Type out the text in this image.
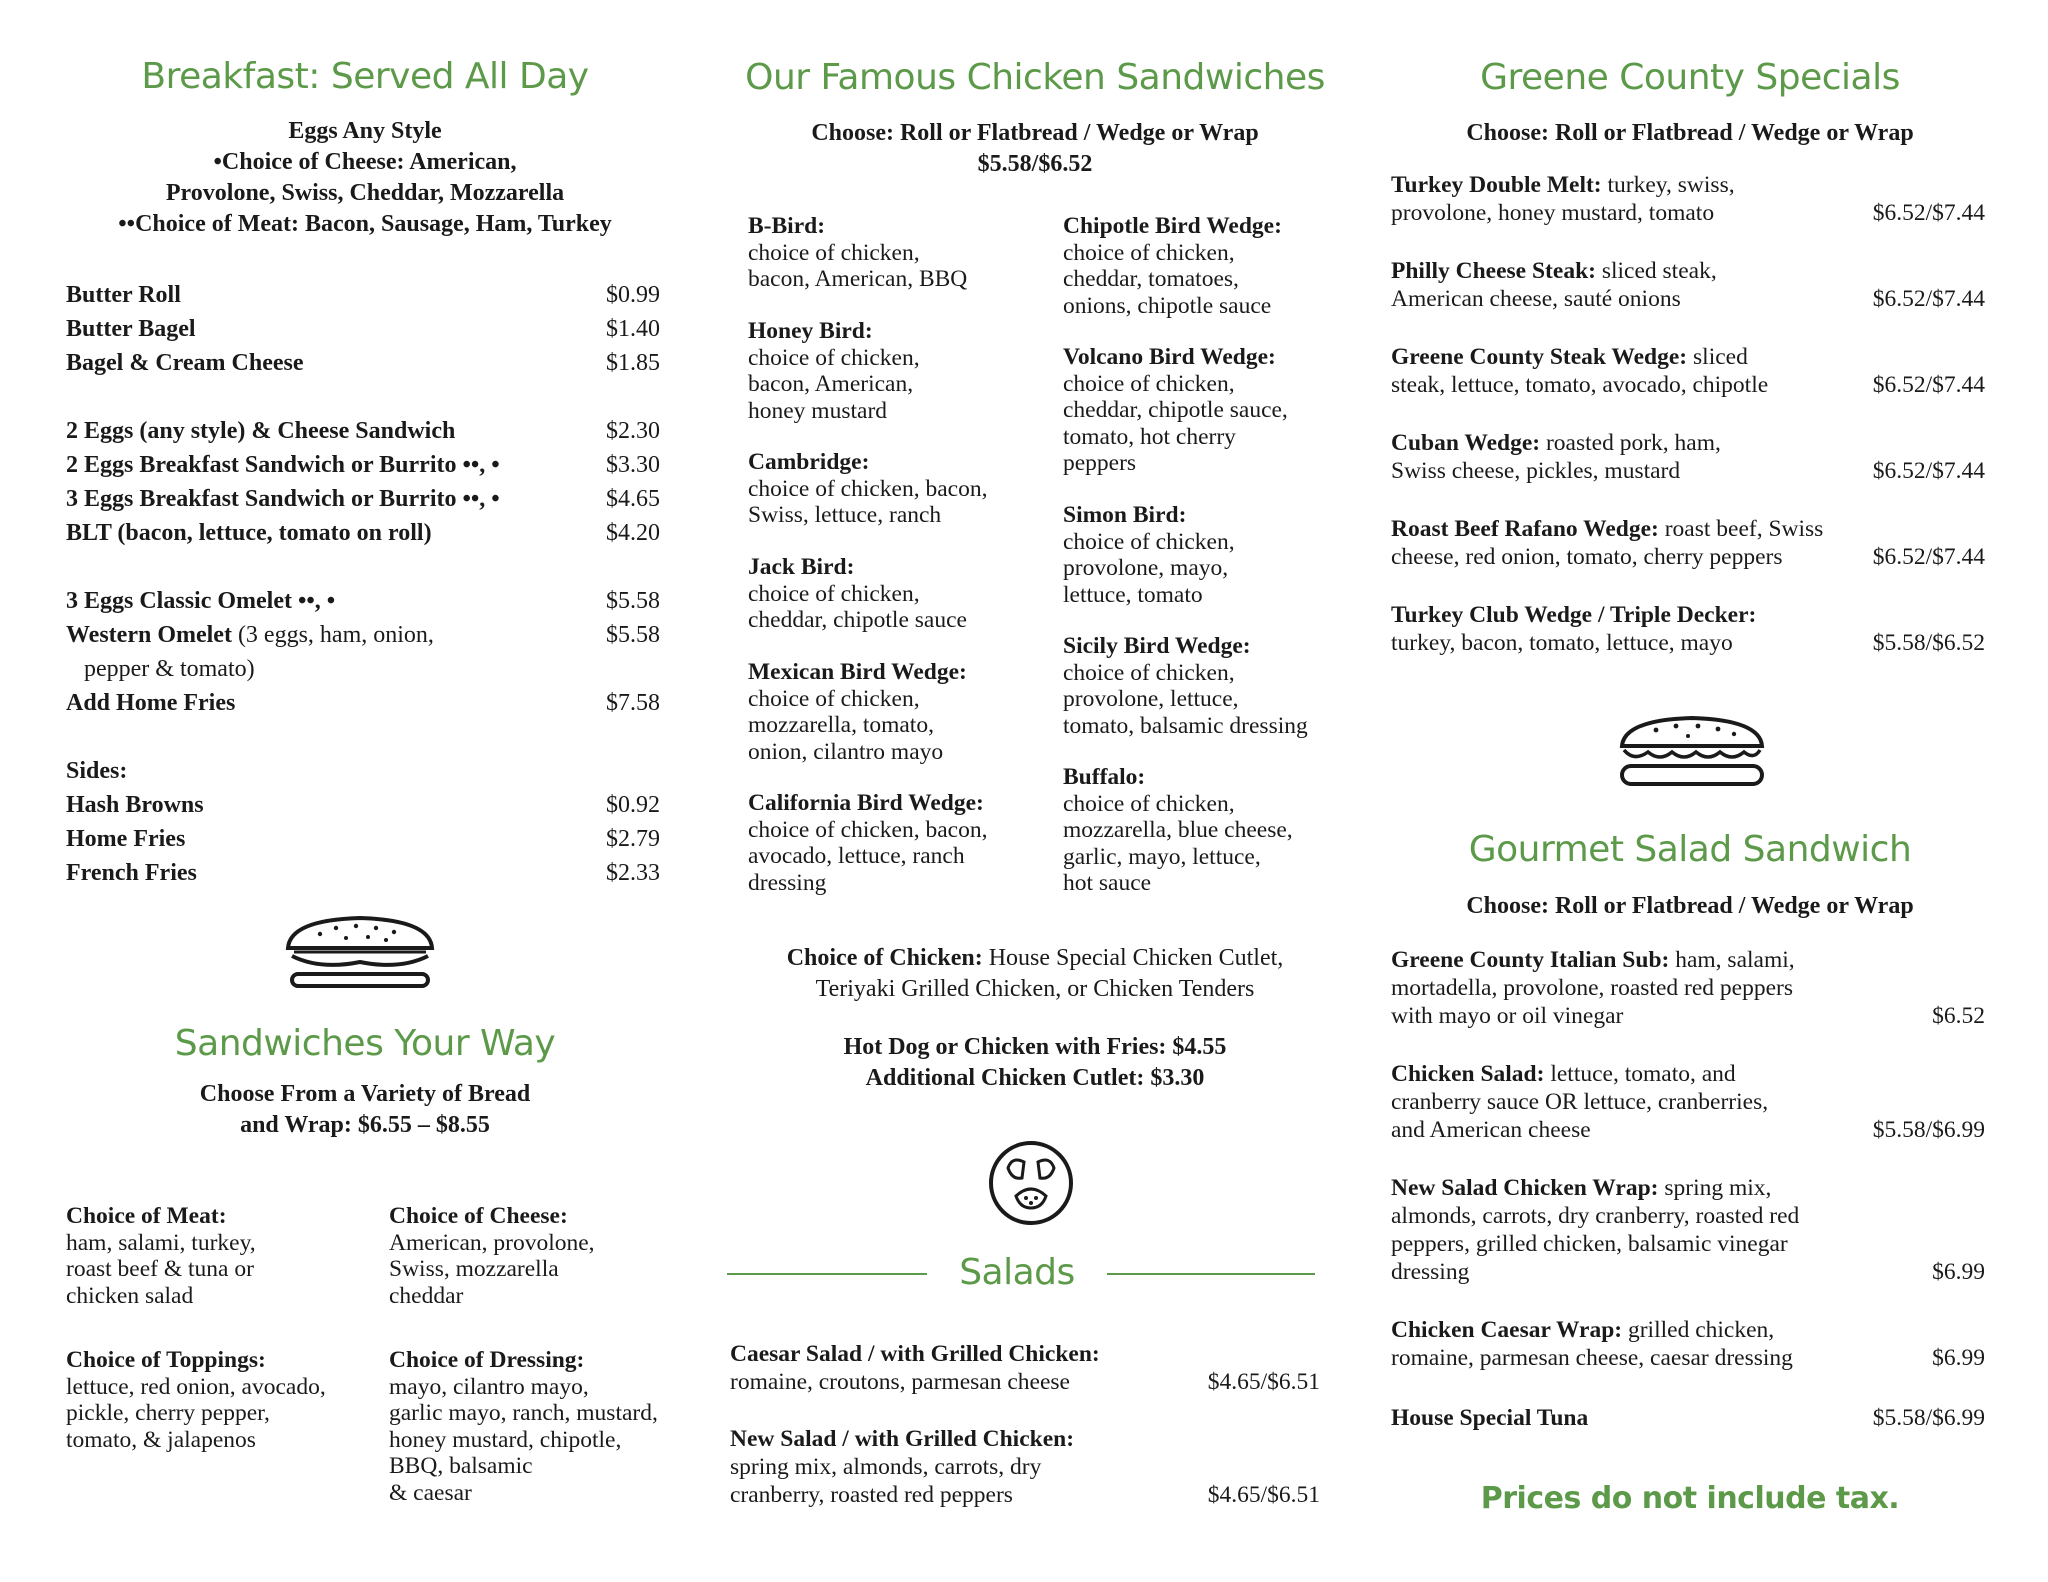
Breakfast: Served All Day
Eggs Any Style
•Choice of Cheese: American,
Provolone, Swiss, Cheddar, Mozzarella
••Choice of Meat: Bacon, Sausage, Ham, Turkey
Butter Roll	$0.99
Butter Bagel	$1.40
Bagel & Cream Cheese	$1.85
2 Eggs (any style) & Cheese Sandwich	$2.30
2 Eggs Breakfast Sandwich or Burrito ••, •	$3.30
3 Eggs Breakfast Sandwich or Burrito ••, •	$4.65
BLT (bacon, lettuce, tomato on roll)	$4.20
3 Eggs Classic Omelet ••, •	$5.58
Western Omelet (3 eggs, ham, onion,	$5.58
pepper & tomato)
Add Home Fries	$7.58
Sides:
Hash Browns	$0.92
Home Fries	$2.79
French Fries	$2.33
Sandwiches Your Way
Choose From a Variety of Bread
and Wrap: $6.55 – $8.55
Choice of Meat:
ham, salami, turkey,
roast beef & tuna or
chicken salad
Choice of Cheese:
American, provolone,
Swiss, mozzarella
cheddar
Choice of Toppings:
lettuce, red onion, avocado,
pickle, cherry pepper,
tomato, & jalapenos
Choice of Dressing:
mayo, cilantro mayo,
garlic mayo, ranch, mustard,
honey mustard, chipotle,
BBQ, balsamic
& caesar
Our Famous Chicken Sandwiches
Choose: Roll or Flatbread / Wedge or Wrap
$5.58/$6.52
B-Bird:
choice of chicken,
bacon, American, BBQ
Honey Bird:
choice of chicken,
bacon, American,
honey mustard
Cambridge:
choice of chicken, bacon,
Swiss, lettuce, ranch
Jack Bird:
choice of chicken,
cheddar, chipotle sauce
Mexican Bird Wedge:
choice of chicken,
mozzarella, tomato,
onion, cilantro mayo
California Bird Wedge:
choice of chicken, bacon,
avocado, lettuce, ranch
dressing
Chipotle Bird Wedge:
choice of chicken,
cheddar, tomatoes,
onions, chipotle sauce
Volcano Bird Wedge:
choice of chicken,
cheddar, chipotle sauce,
tomato, hot cherry
peppers
Simon Bird:
choice of chicken,
provolone, mayo,
lettuce, tomato
Sicily Bird Wedge:
choice of chicken,
provolone, lettuce,
tomato, balsamic dressing
Buffalo:
choice of chicken,
mozzarella, blue cheese,
garlic, mayo, lettuce,
hot sauce
Choice of Chicken: House Special Chicken Cutlet,
Teriyaki Grilled Chicken, or Chicken Tenders
Hot Dog or Chicken with Fries: $4.55
Additional Chicken Cutlet: $3.30
Salads
Caesar Salad / with Grilled Chicken:
romaine, croutons, parmesan cheese	$4.65/$6.51
New Salad / with Grilled Chicken:
spring mix, almonds, carrots, dry
cranberry, roasted red peppers	$4.65/$6.51
Greene County Specials
Choose: Roll or Flatbread / Wedge or Wrap
Turkey Double Melt: turkey, swiss,
provolone, honey mustard, tomato	$6.52/$7.44
Philly Cheese Steak: sliced steak,
American cheese, sauté onions	$6.52/$7.44
Greene County Steak Wedge: sliced
steak, lettuce, tomato, avocado, chipotle	$6.52/$7.44
Cuban Wedge: roasted pork, ham,
Swiss cheese, pickles, mustard	$6.52/$7.44
Roast Beef Rafano Wedge: roast beef, Swiss
cheese, red onion, tomato, cherry peppers	$6.52/$7.44
Turkey Club Wedge / Triple Decker:
turkey, bacon, tomato, lettuce, mayo	$5.58/$6.52
Gourmet Salad Sandwich
Choose: Roll or Flatbread / Wedge or Wrap
Greene County Italian Sub: ham, salami,
mortadella, provolone, roasted red peppers
with mayo or oil vinegar	$6.52
Chicken Salad: lettuce, tomato, and
cranberry sauce OR lettuce, cranberries,
and American cheese	$5.58/$6.99
New Salad Chicken Wrap: spring mix,
almonds, carrots, dry cranberry, roasted red
peppers, grilled chicken, balsamic vinegar
dressing	$6.99
Chicken Caesar Wrap: grilled chicken,
romaine, parmesan cheese, caesar dressing	$6.99
House Special Tuna	$5.58/$6.99
Prices do not include tax.
